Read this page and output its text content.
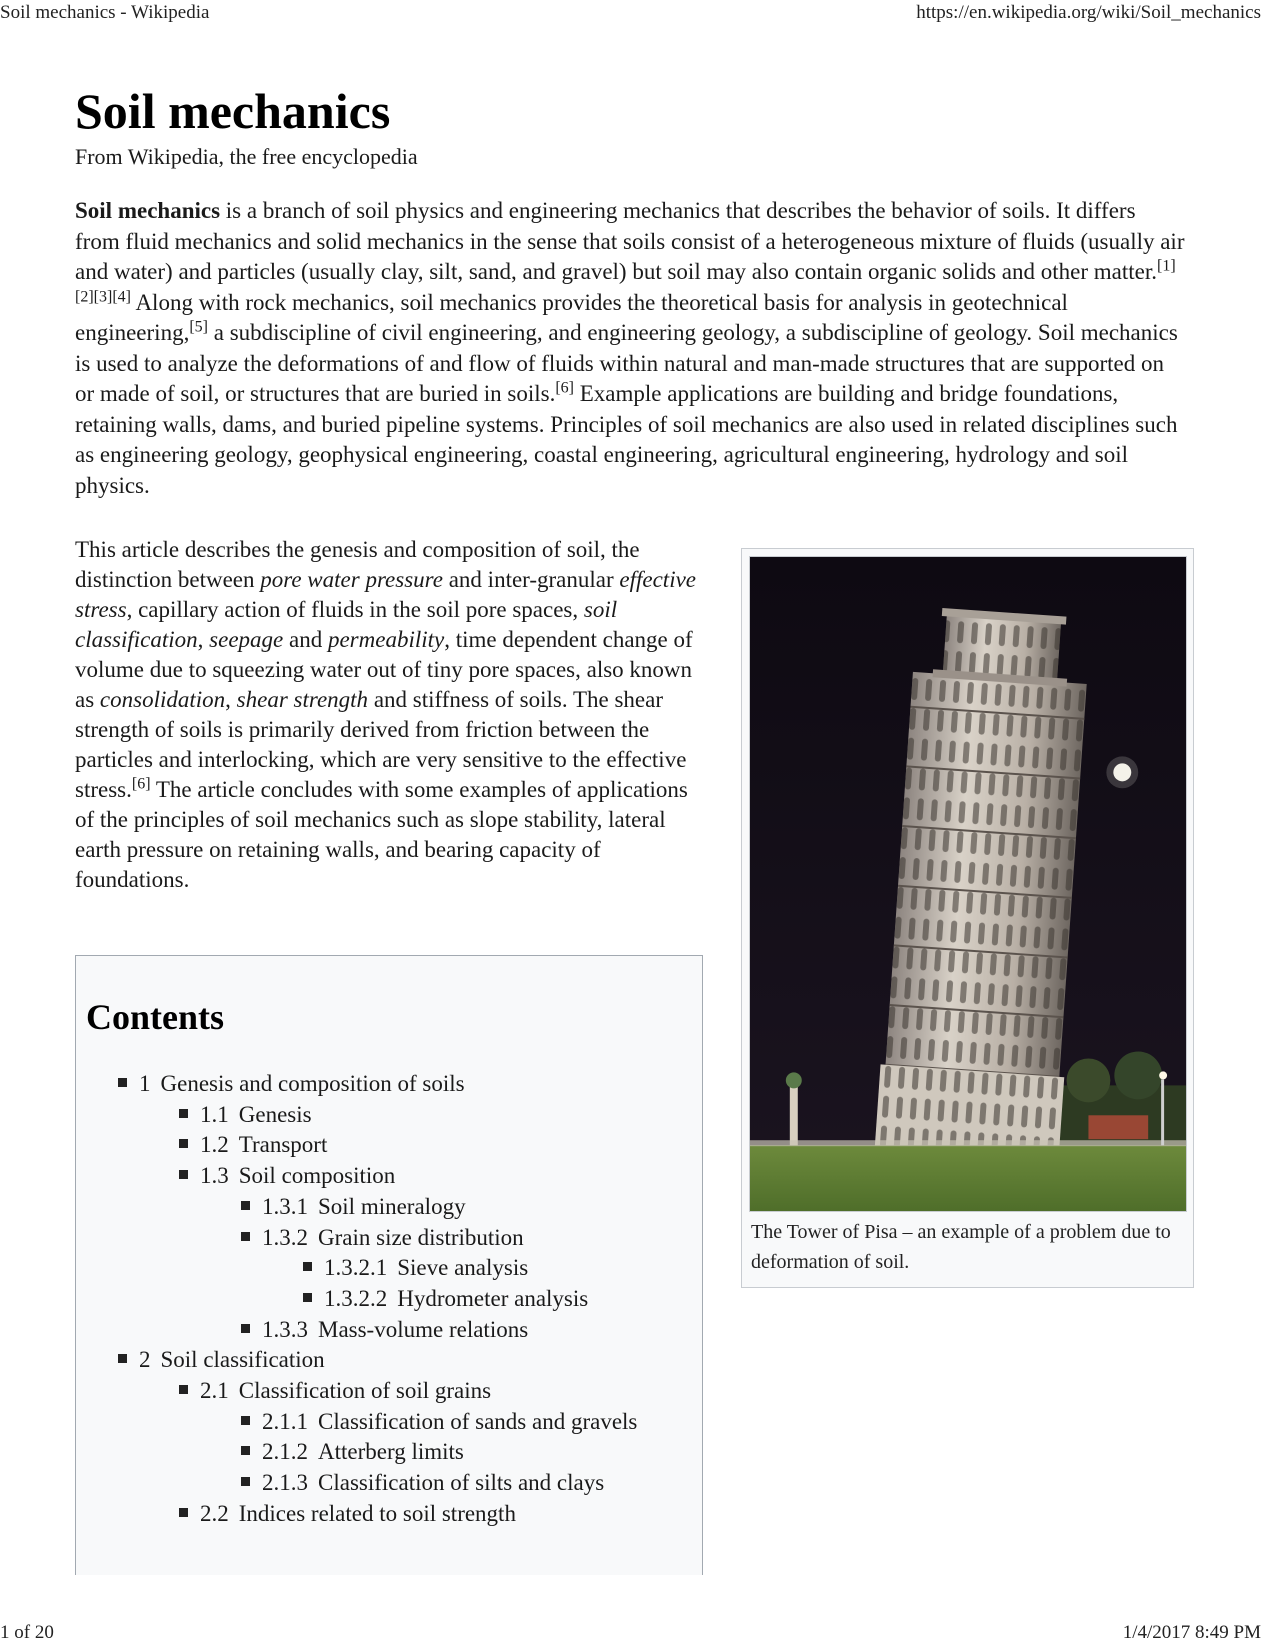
Soil mechanics - Wikipedia	https://en.wikipedia.org/wiki/Soil_mechanics
Soil mechanics
From Wikipedia, the free encyclopedia

Soil mechanics is a branch of soil physics and engineering mechanics that describes the behavior of soils. It differs from fluid mechanics and solid mechanics in the sense that soils consist of a heterogeneous mixture of fluids (usually air and water) and particles (usually clay, silt, sand, and gravel) but soil may also contain organic solids and other matter.[1][2][3][4] Along with rock mechanics, soil mechanics provides the theoretical basis for analysis in geotechnical engineering,[5] a subdiscipline of civil engineering, and engineering geology, a subdiscipline of geology. Soil mechanics is used to analyze the deformations of and flow of fluids within natural and man-made structures that are supported on or made of soil, or structures that are buried in soils.[6] Example applications are building and bridge foundations, retaining walls, dams, and buried pipeline systems. Principles of soil mechanics are also used in related disciplines such as engineering geology, geophysical engineering, coastal engineering, agricultural engineering, hydrology and soil physics.

This article describes the genesis and composition of soil, the distinction between pore water pressure and inter-granular effective stress, capillary action of fluids in the soil pore spaces, soil classification, seepage and permeability, time dependent change of volume due to squeezing water out of tiny pore spaces, also known as consolidation, shear strength and stiffness of soils. The shear strength of soils is primarily derived from friction between the particles and interlocking, which are very sensitive to the effective stress.[6] The article concludes with some examples of applications of the principles of soil mechanics such as slope stability, lateral earth pressure on retaining walls, and bearing capacity of foundations.

The Tower of Pisa – an example of a problem due to deformation of soil.
Contents
1 Genesis and composition of soils
1.1 Genesis
1.2 Transport
1.3 Soil composition
1.3.1 Soil mineralogy
1.3.2 Grain size distribution
1.3.2.1 Sieve analysis
1.3.2.2 Hydrometer analysis
1.3.3 Mass-volume relations
2 Soil classification
2.1 Classification of soil grains
2.1.1 Classification of sands and gravels
2.1.2 Atterberg limits
2.1.3 Classification of silts and clays
2.2 Indices related to soil strength
1 of 20	1/4/2017 8:49 PM
